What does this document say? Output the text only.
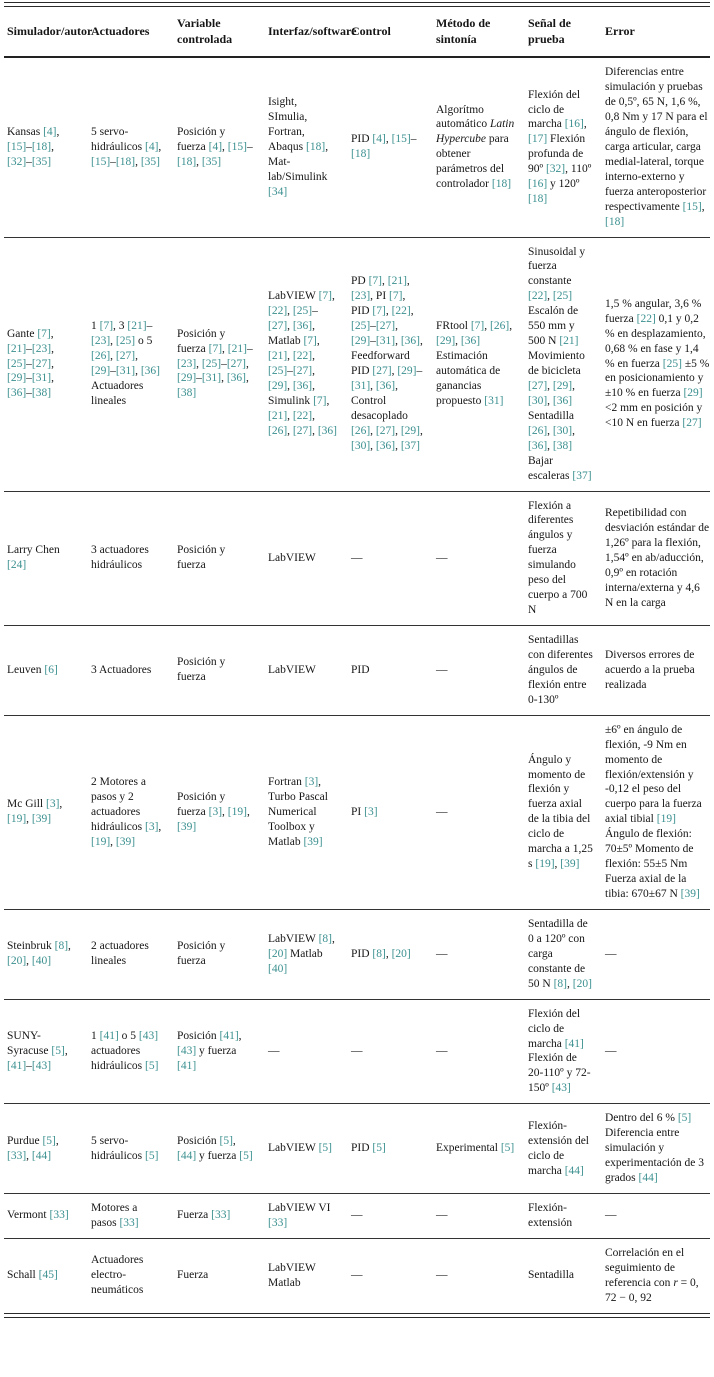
Simulador/autor	Actuadores	Variable controlada	Interfaz/software	Control	Método de sintonía	Señal de prueba	Error
Kansas [4], [15]–[18], [32]–[35]	5 servo-hidráulicos [4], [15]–[18], [35]	Posición y fuerza [4], [15]–[18], [35]	Isight, SImulia, Fortran, Abaqus [18], Mat-lab/Simulink [34]	PID [4], [15]–[18]	Algorítmo automático Latin Hypercube para obtener parámetros del controlador [18]	Flexión del ciclo de marcha [16], [17] Flexión profunda de 90º [32], 110º [16] y 120º [18]	Diferencias entre simulación y pruebas de 0,5º, 65 N, 1,6 %, 0,8 Nm y 17 N para el ángulo de flexión, carga articular, carga medial-lateral, torque interno-externo y fuerza anteroposterior respectivamente [15], [18]
Gante [7], [21]–[23], [25]–[27], [29]–[31], [36]–[38]	1 [7], 3 [21]–[23], [25] o 5 [26], [27], [29]–[31], [36] Actuadores lineales	Posición y fuerza [7], [21]–[23], [25]–[27], [29]–[31], [36], [38]	LabVIEW [7], [22], [25]–[27], [36], Matlab [7], [21], [22], [25]–[27], [29], [36], Simulink [7], [21], [22], [26], [27], [36]	PD [7], [21], [23], PI [7], PID [7], [22], [25]–[27], [29]–[31], [36], Feedforward PID [27], [29]–[31], [36], Control desacoplado [26], [27], [29], [30], [36], [37]	FRtool [7], [26], [29], [36] Estimación automática de ganancias propuesto [31]	Sinusoidal y fuerza constante [22], [25] Escalón de 550 mm y 500 N [21] Movimiento de bicicleta [27], [29], [30], [36] Sentadilla [26], [30], [36], [38] Bajar escaleras [37]	1,5 % angular, 3,6 % fuerza [22] 0,1 y 0,2 % en desplazamiento, 0,68 % en fase y 1,4 % en fuerza [25] ±5 % en posicionamiento y ±10 % en fuerza [29] <2 mm en posición y <10 N en fuerza [27]
Larry Chen [24]	3 actuadores hidráulicos	Posición y fuerza	LabVIEW	—	—	Flexión a diferentes ángulos y fuerza simulando peso del cuerpo a 700 N	Repetibilidad con desviación estándar de 1,26º para la flexión, 1,54º en ab/aducción, 0,9º en rotación interna/externa y 4,6 N en la carga
Leuven [6]	3 Actuadores	Posición y fuerza	LabVIEW	PID	—	Sentadillas con diferentes ángulos de flexión entre 0-130º	Diversos errores de acuerdo a la prueba realizada
Mc Gill [3], [19], [39]	2 Motores a pasos y 2 actuadores hidráulicos [3], [19], [39]	Posición y fuerza [3], [19], [39]	Fortran [3], Turbo Pascal Numerical Toolbox y Matlab [39]	PI [3]	—	Ángulo y momento de flexión y fuerza axial de la tibia del ciclo de marcha a 1,25 s [19], [39]	±6º en ángulo de flexión, -9 Nm en momento de flexión/extensión y -0,12 el peso del cuerpo para la fuerza axial tibial [19] Ángulo de flexión: 70±5º Momento de flexión: 55±5 Nm Fuerza axial de la tibia: 670±67 N [39]
Steinbruk [8], [20], [40]	2 actuadores lineales	Posición y fuerza	LabVIEW [8], [20] Matlab [40]	PID [8], [20]	—	Sentadilla de 0 a 120º con carga constante de 50 N [8], [20]	—
SUNY-Syracuse [5], [41]–[43]	1 [41] o 5 [43] actuadores hidráulicos [5]	Posición [41], [43] y fuerza [41]	—	—	—	Flexión del ciclo de marcha [41] Flexión de 20-110º y 72- 150º [43]	—
Purdue [5], [33], [44]	5 servo-hidráulicos [5]	Posición [5], [44] y fuerza [5]	LabVIEW [5]	PID [5]	Experimental [5]	Flexión-extensión del ciclo de marcha [44]	Dentro del 6 % [5] Diferencia entre simulación y experimentación de 3 grados [44]
Vermont [33]	Motores a pasos [33]	Fuerza [33]	LabVIEW VI [33]	—	—	Flexión-extensión	—
Schall [45]	Actuadores electro-neumáticos	Fuerza	LabVIEW Matlab	—	—	Sentadilla	Correlación en el seguimiento de referencia con r = 0, 72 − 0, 92
